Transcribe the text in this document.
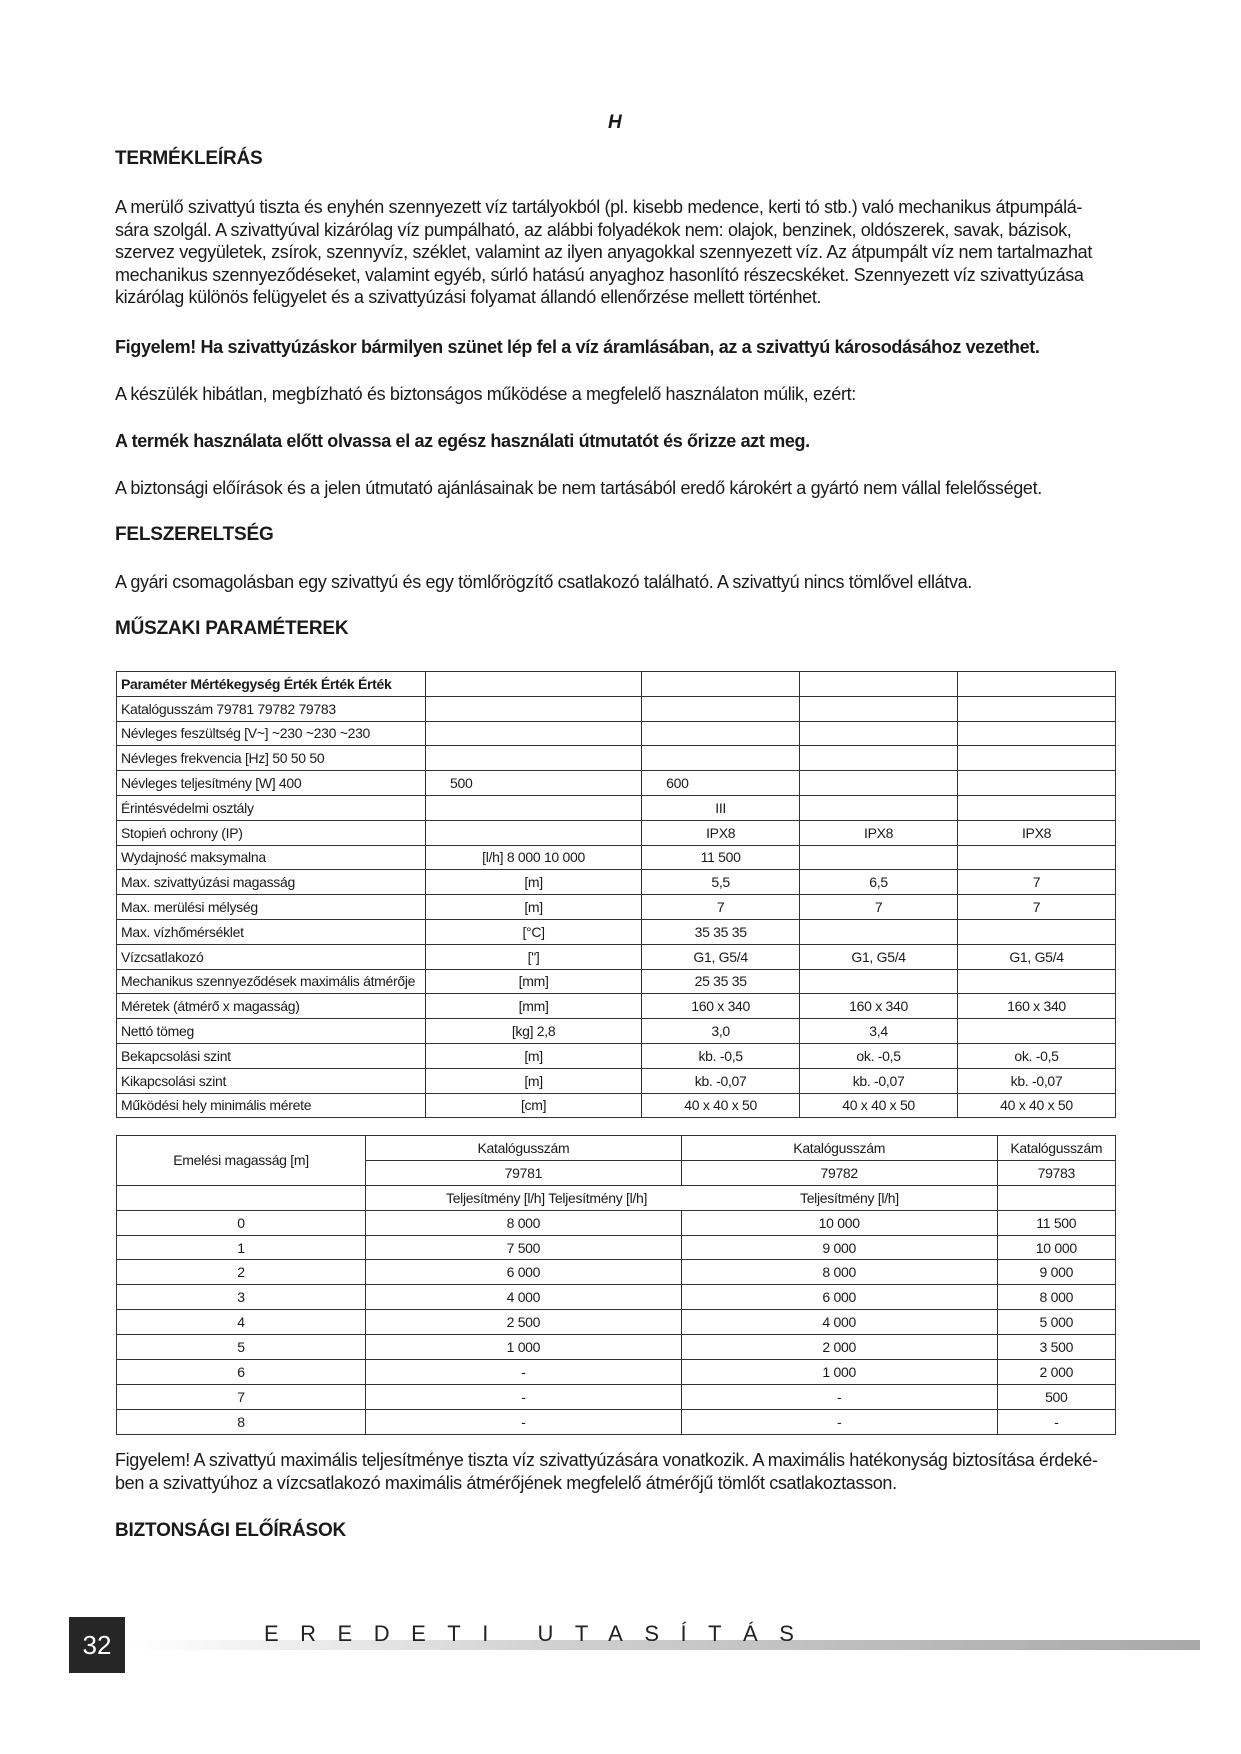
H
TERMÉKLEÍRÁS
A merülő szivattyú tiszta és enyhén szennyezett víz tartályokból (pl. kisebb medence, kerti tó stb.) való mechanikus átpumpálá-
sára szolgál. A szivattyúval kizárólag víz pumpálható, az alábbi folyadékok nem: olajok, benzinek, oldószerek, savak, bázisok,
szervez vegyületek, zsírok, szennyvíz, széklet, valamint az ilyen anyagokkal szennyezett víz. Az átpumpált víz nem tartalmazhat
mechanikus szennyeződéseket, valamint egyéb, súrló hatású anyaghoz hasonlító részecskéket. Szennyezett víz szivattyúzása
kizárólag különös felügyelet és a szivattyúzási folyamat állandó ellenőrzése mellett történhet.
Figyelem! Ha szivattyúzáskor bármilyen szünet lép fel a víz áramlásában, az a szivattyú károsodásához vezethet.
A készülék hibátlan, megbízható és biztonságos működése a megfelelő használaton múlik, ezért:
A termék használata előtt olvassa el az egész használati útmutatót és őrizze azt meg.
A biztonsági előírások és a jelen útmutató ajánlásainak be nem tartásából eredő károkért a gyártó nem vállal felelősséget.
FELSZERELTSÉG
A gyári csomagolásban egy szivattyú és egy tömlőrögzítő csatlakozó található. A szivattyú nincs tömlővel ellátva.
MŰSZAKI PARAMÉTEREK
Paraméter Mértékegység Érték Érték Érték				
Katalógusszám 79781 79782 79783				
Névleges feszültség [V~] ~230 ~230 ~230				
Névleges frekvencia [Hz] 50 50 50				
Névleges teljesítmény [W] 400	500	600		
Érintésvédelmi osztály		III		
Stopień ochrony (IP)		IPX8	IPX8	IPX8
Wydajność maksymalna	[l/h] 8 000 10 000	11 500		
Max. szivattyúzási magasság	[m]	5,5	6,5	7
Max. merülési mélység	[m]	7	7	7
Max. vízhőmérséklet	[°C]	35 35 35		
Vízcsatlakozó	["]	G1, G5/4	G1, G5/4	G1, G5/4
Mechanikus szennyeződések maximális átmérője	[mm]	25 35 35		
Méretek (átmérő x magasság)	[mm]	160 x 340	160 x 340	160 x 340
Nettó tömeg	[kg] 2,8	3,0	3,4	
Bekapcsolási szint	[m]	kb. -0,5	ok. -0,5	ok. -0,5
Kikapcsolási szint	[m]	kb. -0,07	kb. -0,07	kb. -0,07
Működési hely minimális mérete	[cm]	40 x 40 x 50	40 x 40 x 50	40 x 40 x 50
Emelési magasság [m]	Katalógusszám	Katalógusszám	Katalógusszám
	79781	79782	79783
	Teljesítmény [l/h] Teljesítmény [l/h] Teljesítmény [l/h]		
0	8 000	10 000	11 500
1	7 500	9 000	10 000
2	6 000	8 000	9 000
3	4 000	6 000	8 000
4	2 500	4 000	5 000
5	1 000	2 000	3 500
6	-	1 000	2 000
7	-	-	500
8	-	-	-
Figyelem! A szivattyú maximális teljesítménye tiszta víz szivattyúzására vonatkozik. A maximális hatékonyság biztosítása érdeké-
ben a szivattyúhoz a vízcsatlakozó maximális átmérőjének megfelelő átmérőjű tömlőt csatlakoztasson.
BIZTONSÁGI ELŐÍRÁSOK
32	EREDETI UTASÍTÁS
